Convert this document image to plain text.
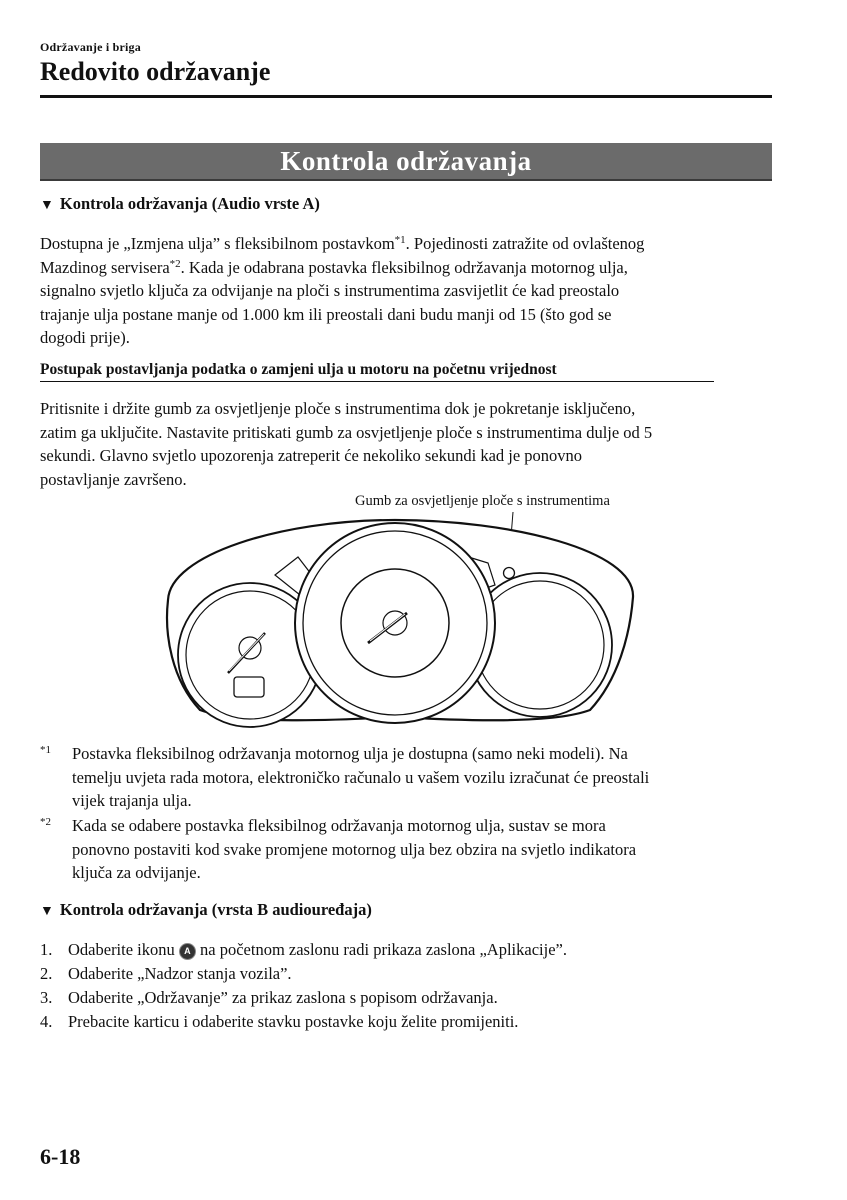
Održavanje i briga
Redovito održavanje
Kontrola održavanja
▼ Kontrola održavanja (Audio vrste A)
Dostupna je „Izmjena ulja” s fleksibilnom postavkom$^{*1}$. Pojedinosti zatražite od ovlaštenog
Mazdinog servisera$^{*2}$. Kada je odabrana postavka fleksibilnog održavanja motornog ulja,
signalno svjetlo ključa za odvijanje na ploči s instrumentima zasvijetlit će kad preostalo
trajanje ulja postane manje od 1.000 km ili preostali dani budu manji od 15 (što god se
dogodi prije).
Postupak postavljanja podatka o zamjeni ulja u motoru na početnu vrijednost
Pritisnite i držite gumb za osvjetljenje ploče s instrumentima dok je pokretanje isključeno,
zatim ga uključite. Nastavite pritiskati gumb za osvjetljenje ploče s instrumentima dulje od 5
sekundi. Glavno svjetlo upozorenja zatreperit će nekoliko sekundi kad je ponovno
postavljanje završeno.
Gumb za osvjetljenje ploče s instrumentima
$^{*1}$ Postavka fleksibilnog održavanja motornog ulja je dostupna (samo neki modeli). Na
temelju uvjeta rada motora, elektroničko računalo u vašem vozilu izračunat će preostali
vijek trajanja ulja.
$^{*2}$ Kada se odabere postavka fleksibilnog održavanja motornog ulja, sustav se mora
ponovno postaviti kod svake promjene motornog ulja bez obzira na svjetlo indikatora
ključa za odvijanje.
▼ Kontrola održavanja (vrsta B audiouređaja)
1. Odaberite ikonu A na početnom zaslonu radi prikaza zaslona „Aplikacije”.
2. Odaberite „Nadzor stanja vozila”.
3. Odaberite „Održavanje” za prikaz zaslona s popisom održavanja.
4. Prebacite karticu i odaberite stavku postavke koju želite promijeniti.
6-18
